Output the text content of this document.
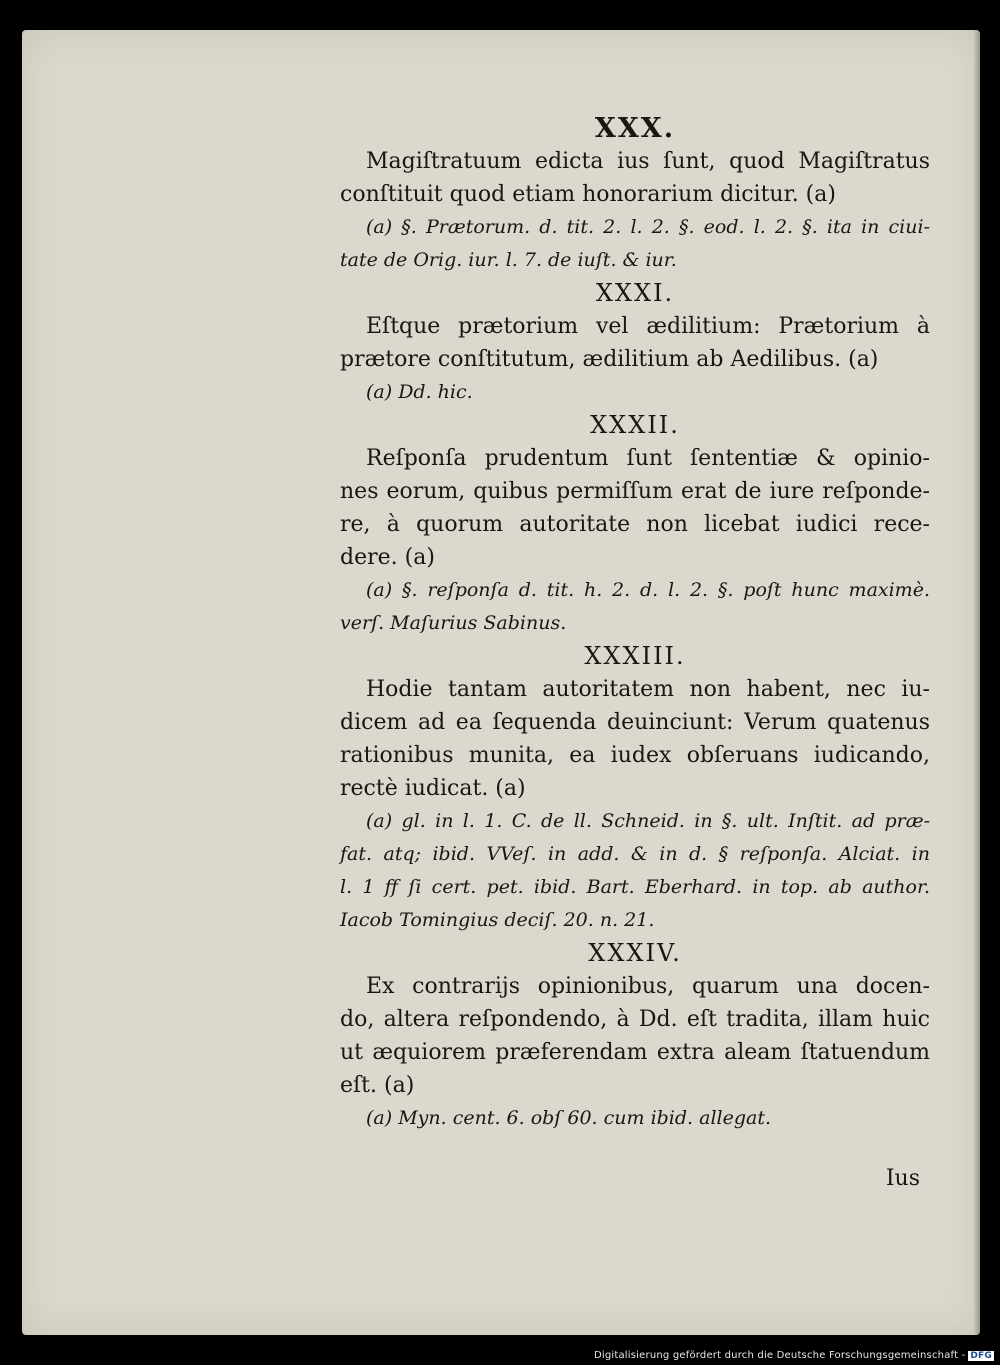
XXX.
Magiſtratuum edicta ius ſunt, quod Magiſtratus
conſtituit quod etiam honorarium dicitur. (a)
(a) §. Prætorum. d. tit. 2. l. 2. §. eod. l. 2. §. ita in ciui-
tate de Orig. iur. l. 7. de iuſt. & iur.
XXXI.
Eſtque prætorium vel ædilitium: Prætorium à
prætore conſtitutum, ædilitium ab Aedilibus. (a)
(a) Dd. hic.
XXXII.
Reſponſa prudentum ſunt ſententiæ & opinio-
nes eorum, quibus permiſſum erat de iure reſponde-
re, à quorum autoritate non licebat iudici rece-
dere. (a)
(a) §. reſponſa d. tit. h. 2. d. l. 2. §. poſt hunc maximè.
verſ. Maſurius Sabinus.
XXXIII.
Hodie tantam autoritatem non habent, nec iu-
dicem ad ea ſequenda deuinciunt: Verum quatenus
rationibus munita, ea iudex obſeruans iudicando,
rectè iudicat. (a)
(a) gl. in l. 1. C. de ll. Schneid. in §. ult. Inſtit. ad præ-
fat. atq; ibid. VVeſ. in add. & in d. § reſponſa. Alciat. in
l. 1 ff ſi cert. pet. ibid. Bart. Eberhard. in top. ab author.
Iacob Tomingius deciſ. 20. n. 21.
XXXIV.
Ex contrarijs opinionibus, quarum una docen-
do, altera reſpondendo, à Dd. eſt tradita, illam huic
ut æquiorem præferendam extra aleam ſtatuendum
eſt. (a)
(a) Myn. cent. 6. obſ 60. cum ibid. allegat.
Ius
Digitalisierung gefördert durch die Deutsche Forschungsgemeinschaft - DFG
